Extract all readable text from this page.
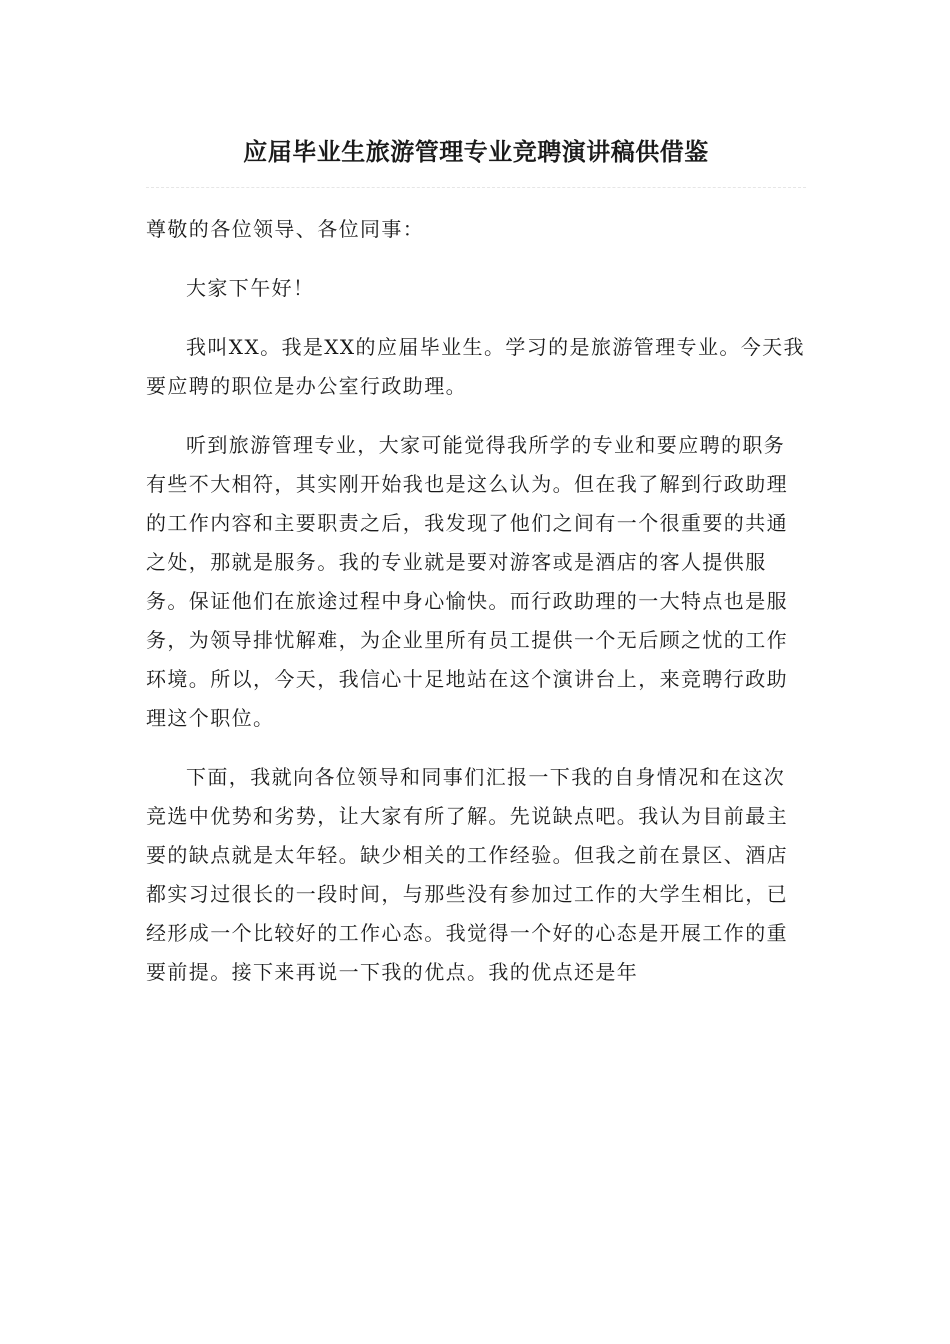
应届毕业生旅游管理专业竞聘演讲稿供借鉴

尊敬的各位领导、各位同事：

大家下午好！

我叫XX。我是XX的应届毕业生。学习的是旅游管理专业。今天我要应聘的职位是办公室行政助理。

听到旅游管理专业，大家可能觉得我所学的专业和要应聘的职务有些不大相符，其实刚开始我也是这么认为。但在我了解到行政助理的工作内容和主要职责之后，我发现了他们之间有一个很重要的共通之处，那就是服务。我的专业就是要对游客或是酒店的客人提供服务。保证他们在旅途过程中身心愉快。而行政助理的一大特点也是服务，为领导排忧解难，为企业里所有员工提供一个无后顾之忧的工作环境。所以，今天，我信心十足地站在这个演讲台上，来竞聘行政助理这个职位。

下面，我就向各位领导和同事们汇报一下我的自身情况和在这次竞选中优势和劣势，让大家有所了解。先说缺点吧。我认为目前最主要的缺点就是太年轻。缺少相关的工作经验。但我之前在景区、酒店都实习过很长的一段时间，与那些没有参加过工作的大学生相比，已经形成一个比较好的工作心态。我觉得一个好的心态是开展工作的重要前提。接下来再说一下我的优点。我的优点还是年
